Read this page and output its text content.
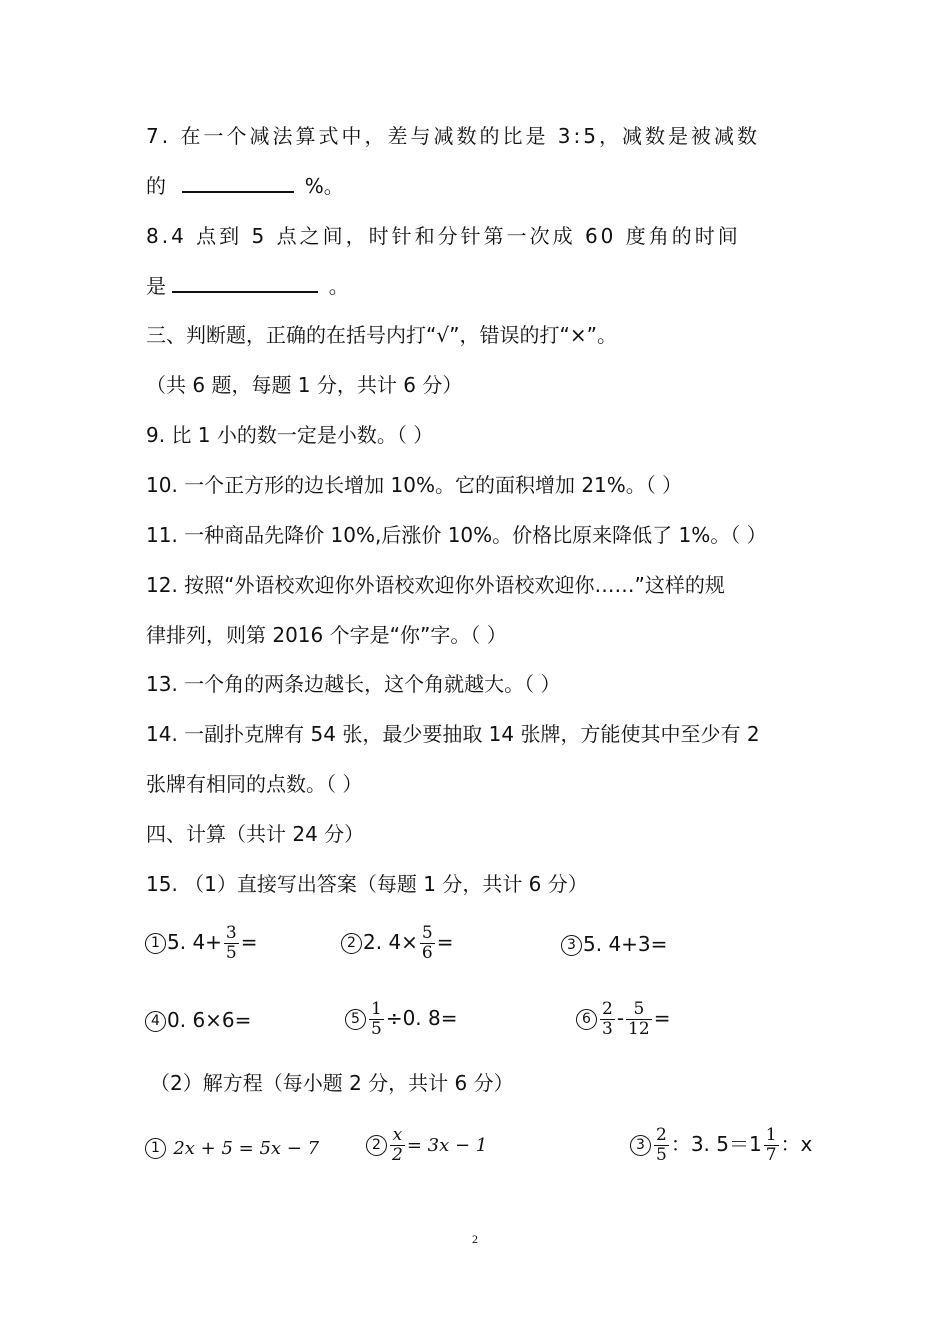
7. 在一个减法算式中，差与减数的比是 3:5，减数是被减数
的	%。
8.4 点到 5 点之间，时针和分针第一次成 60 度角的时间
是	。
三、判断题，正确的在括号内打“√”，错误的打“×”。
（共 6 题，每题 1 分，共计 6 分）
9. 比 1 小的数一定是小数。（ ）
10. 一个正方形的边长增加 10%。它的面积增加 21%。（ ）
11. 一种商品先降价 10%,后涨价 10%。价格比原来降低了 1%。（ ）
12. 按照“外语校欢迎你外语校欢迎你外语校欢迎你……”这样的规
律排列，则第 2016 个字是“你”字。（ ）
13. 一个角的两条边越长，这个角就越大。（ ）
14. 一副扑克牌有 54 张，最少要抽取 14 张牌，方能使其中至少有 2
张牌有相同的点数。（ ）
四、计算（共计 24 分）
15. （1）直接写出答案（每题 1 分，共计 6 分）
1 5. $4+ \frac{3}{5}$ =	2 2. $4\times \frac{5}{6}$ =	3 5. 4+3=
4 0. 6×6=	$5 \frac{1}{5} \div 0$. 8=	$6 \frac{2}{3} - \frac{5}{12}$ =
（2）解方程（每小题 2 分，共计 6 分）
1 2x + 5 = 5x − 7	$2 \frac{x}{2} = 3x - 1$	$3 \frac{2}{5}$ ：3. $5=1 \frac{1}{7}$ ：x
2
